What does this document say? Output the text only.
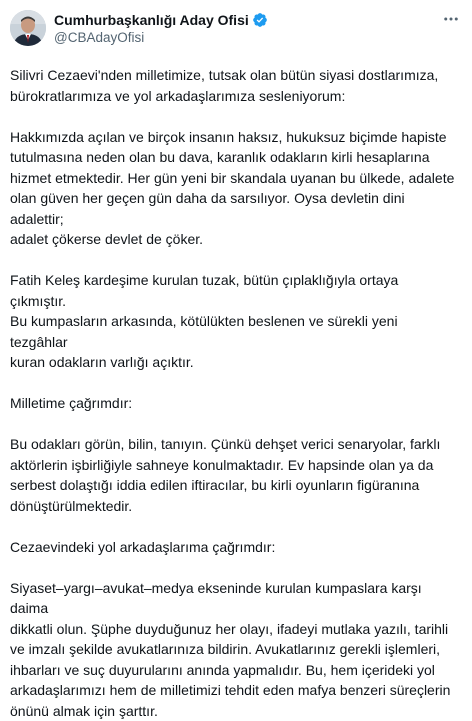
Cumhurbaşkanlığı Aday Ofisi
@CBAdayOfisi

Silivri Cezaevi'nden milletimize, tutsak olan bütün siyasi dostlarımıza,
bürokratlarımıza ve yol arkadaşlarımıza sesleniyorum:

Hakkımızda açılan ve birçok insanın haksız, hukuksuz biçimde hapiste
tutulmasına neden olan bu dava, karanlık odakların kirli hesaplarına
hizmet etmektedir. Her gün yeni bir skandala uyanan bu ülkede, adalete
olan güven her geçen gün daha da sarsılıyor. Oysa devletin dini adalettir;
adalet çökerse devlet de çöker.

Fatih Keleş kardeşime kurulan tuzak, bütün çıplaklığıyla ortaya çıkmıştır.
Bu kumpasların arkasında, kötülükten beslenen ve sürekli yeni tezgâhlar
kuran odakların varlığı açıktır.

Milletime çağrımdır:

Bu odakları görün, bilin, tanıyın. Çünkü dehşet verici senaryolar, farklı
aktörlerin işbirliğiyle sahneye konulmaktadır. Ev hapsinde olan ya da
serbest dolaştığı iddia edilen iftiracılar, bu kirli oyunların figüranına
dönüştürülmektedir.

Cezaevindeki yol arkadaşlarıma çağrımdır:

Siyaset–yargı–avukat–medya ekseninde kurulan kumpaslara karşı daima
dikkatli olun. Şüphe duyduğunuz her olayı, ifadeyi mutlaka yazılı, tarihli
ve imzalı şekilde avukatlarınıza bildirin. Avukatlarınız gerekli işlemleri,
ihbarları ve suç duyurularını anında yapmalıdır. Bu, hem içerideki yol
arkadaşlarımızı hem de milletimizi tehdit eden mafya benzeri süreçlerin
önünü almak için şarttır.
